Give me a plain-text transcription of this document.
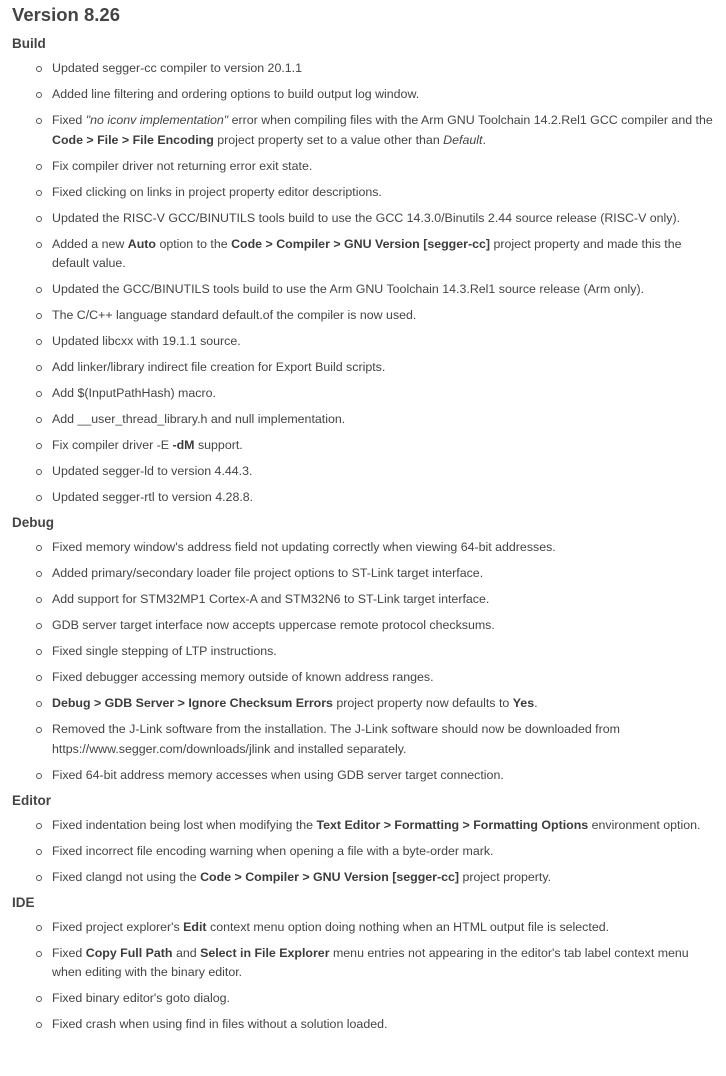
Version 8.26
Build
Updated segger-cc compiler to version 20.1.1
Added line filtering and ordering options to build output log window.
Fixed "no iconv implementation" error when compiling files with the Arm GNU Toolchain 14.2.Rel1 GCC compiler and the Code > File > File Encoding project property set to a value other than Default.
Fix compiler driver not returning error exit state.
Fixed clicking on links in project property editor descriptions.
Updated the RISC-V GCC/BINUTILS tools build to use the GCC 14.3.0/Binutils 2.44 source release (RISC-V only).
Added a new Auto option to the Code > Compiler > GNU Version [segger-cc] project property and made this the default value.
Updated the GCC/BINUTILS tools build to use the Arm GNU Toolchain 14.3.Rel1 source release (Arm only).
The C/C++ language standard default.of the compiler is now used.
Updated libcxx with 19.1.1 source.
Add linker/library indirect file creation for Export Build scripts.
Add $(InputPathHash) macro.
Add __user_thread_library.h and null implementation.
Fix compiler driver -E -dM support.
Updated segger-ld to version 4.44.3.
Updated segger-rtl to version 4.28.8.
Debug
Fixed memory window's address field not updating correctly when viewing 64-bit addresses.
Added primary/secondary loader file project options to ST-Link target interface.
Add support for STM32MP1 Cortex-A and STM32N6 to ST-Link target interface.
GDB server target interface now accepts uppercase remote protocol checksums.
Fixed single stepping of LTP instructions.
Fixed debugger accessing memory outside of known address ranges.
Debug > GDB Server > Ignore Checksum Errors project property now defaults to Yes.
Removed the J-Link software from the installation. The J-Link software should now be downloaded from https://www.segger.com/downloads/jlink and installed separately.
Fixed 64-bit address memory accesses when using GDB server target connection.
Editor
Fixed indentation being lost when modifying the Text Editor > Formatting > Formatting Options environment option.
Fixed incorrect file encoding warning when opening a file with a byte-order mark.
Fixed clangd not using the Code > Compiler > GNU Version [segger-cc] project property.
IDE
Fixed project explorer's Edit context menu option doing nothing when an HTML output file is selected.
Fixed Copy Full Path and Select in File Explorer menu entries not appearing in the editor's tab label context menu when editing with the binary editor.
Fixed binary editor's goto dialog.
Fixed crash when using find in files without a solution loaded.
